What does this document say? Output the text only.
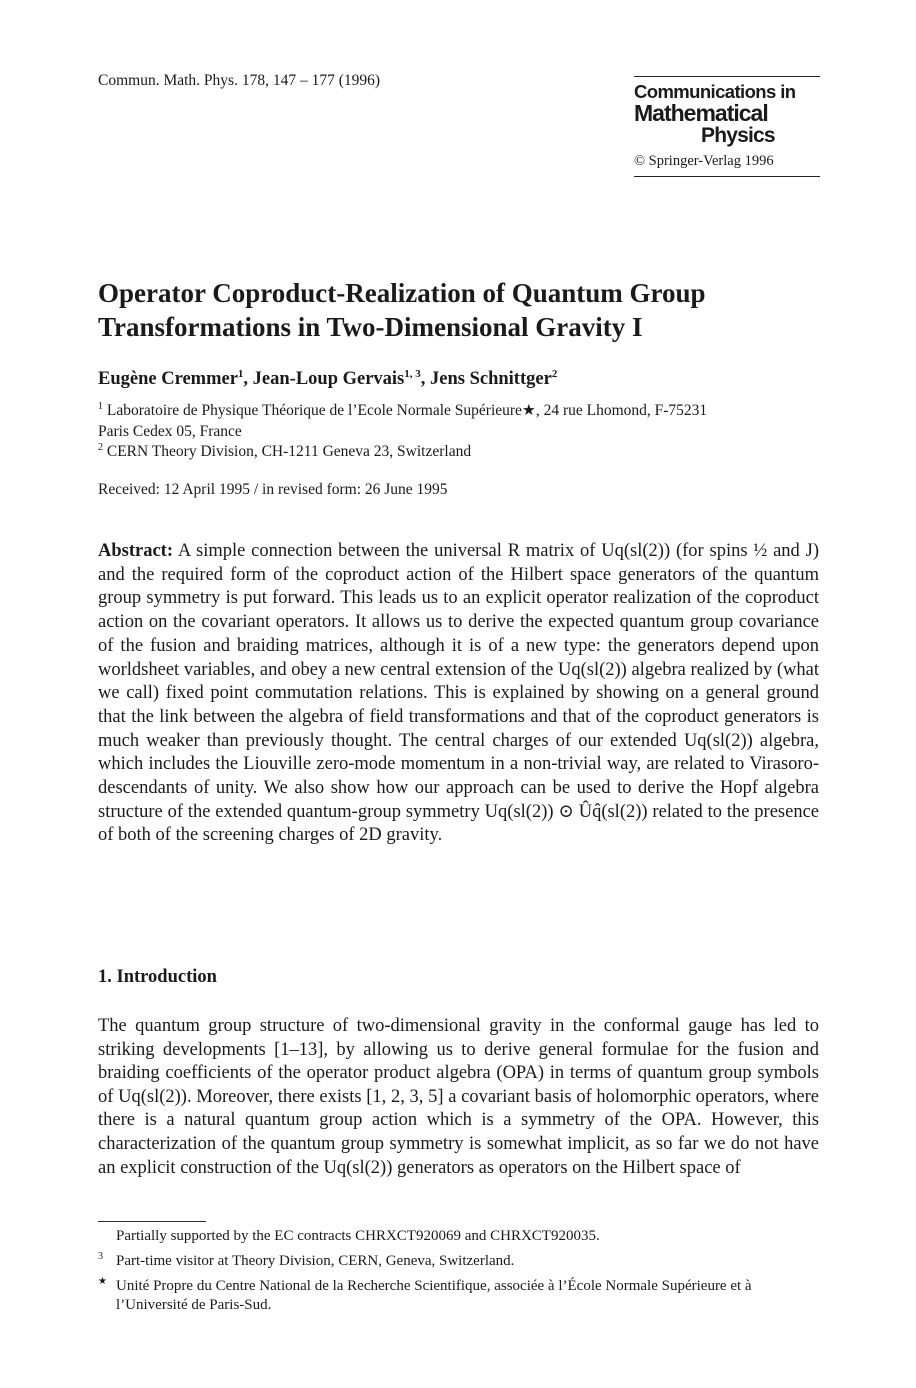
Commun. Math. Phys. 178, 147 – 177 (1996)
Communications in
Mathematical
Physics
© Springer-Verlag 1996
Operator Coproduct-Realization of Quantum Group Transformations in Two-Dimensional Gravity I
Eugène Cremmer$^1$, Jean-Loup Gervais$^{1, 3}$, Jens Schnittger$^2$
$^1$ Laboratoire de Physique Théorique de l’Ecole Normale Supérieure★, 24 rue Lhomond, F-75231
Paris Cedex 05, France
$^2$ CERN Theory Division, CH-1211 Geneva 23, Switzerland
Received: 12 April 1995 / in revised form: 26 June 1995
Abstract: A simple connection between the universal R matrix of Uq(sl(2)) (for spins ½ and J) and the required form of the coproduct action of the Hilbert space generators of the quantum group symmetry is put forward. This leads us to an explicit operator realization of the coproduct action on the covariant operators. It allows us to derive the expected quantum group covariance of the fusion and braiding matrices, although it is of a new type: the generators depend upon worldsheet variables, and obey a new central extension of the Uq(sl(2)) algebra realized by (what we call) fixed point commutation relations. This is explained by showing on a general ground that the link between the algebra of field transformations and that of the coproduct generators is much weaker than previously thought. The central charges of our extended Uq(sl(2)) algebra, which includes the Liouville zero-mode momentum in a non-trivial way, are related to Virasoro-descendants of unity. We also show how our approach can be used to derive the Hopf algebra structure of the extended quantum-group symmetry Uq(sl(2)) ⊙ Ûq̂(sl(2)) related to the presence of both of the screening charges of 2D gravity.
1. Introduction
The quantum group structure of two-dimensional gravity in the conformal gauge has led to striking developments [1–13], by allowing us to derive general formulae for the fusion and braiding coefficients of the operator product algebra (OPA) in terms of quantum group symbols of Uq(sl(2)). Moreover, there exists [1, 2, 3, 5] a covariant basis of holomorphic operators, where there is a natural quantum group action which is a symmetry of the OPA. However, this characterization of the quantum group symmetry is somewhat implicit, as so far we do not have an explicit construction of the Uq(sl(2)) generators as operators on the Hilbert space of
Partially supported by the EC contracts CHRXCT920069 and CHRXCT920035.
3 Part-time visitor at Theory Division, CERN, Geneva, Switzerland.
★ Unité Propre du Centre National de la Recherche Scientifique, associée à l’École Normale Supérieure et à l’Université de Paris-Sud.
